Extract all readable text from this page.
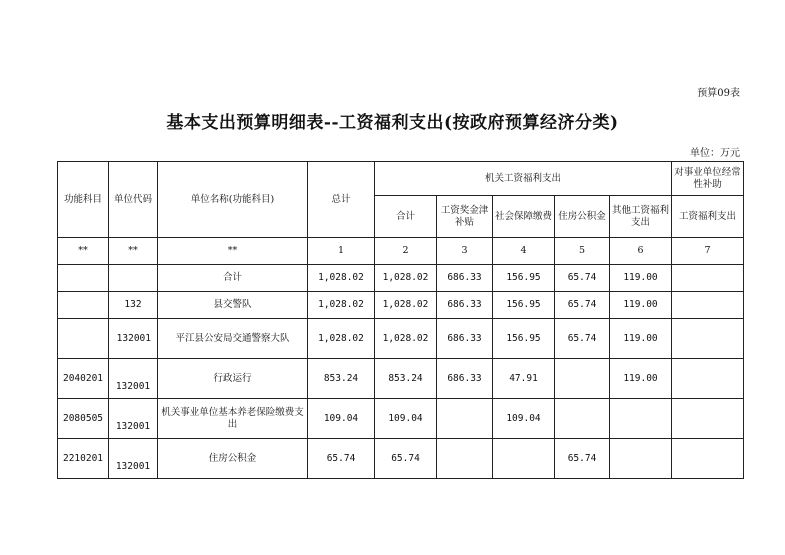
预算09表
基本支出预算明细表--工资福利支出(按政府预算经济分类)
单位：万元
功能科目	单位代码	单位名称(功能科目)	总计	机关工资福利支出					对事业单位经常性补助
				合计	工资奖金津补贴	社会保障缴费	住房公积金	其他工资福利支出	工资福利支出
**	**	**	1	2	3	4	5	6	7
		合计	1,028.02	1,028.02	686.33	156.95	65.74	119.00	
	132	县交警队	1,028.02	1,028.02	686.33	156.95	65.74	119.00	
	132001	平江县公安局交通警察大队	1,028.02	1,028.02	686.33	156.95	65.74	119.00	
2040201	132001	行政运行	853.24	853.24	686.33	47.91		119.00	
2080505	132001	机关事业单位基本养老保险缴费支出	109.04	109.04		109.04			
2210201	132001	住房公积金	65.74	65.74			65.74		
